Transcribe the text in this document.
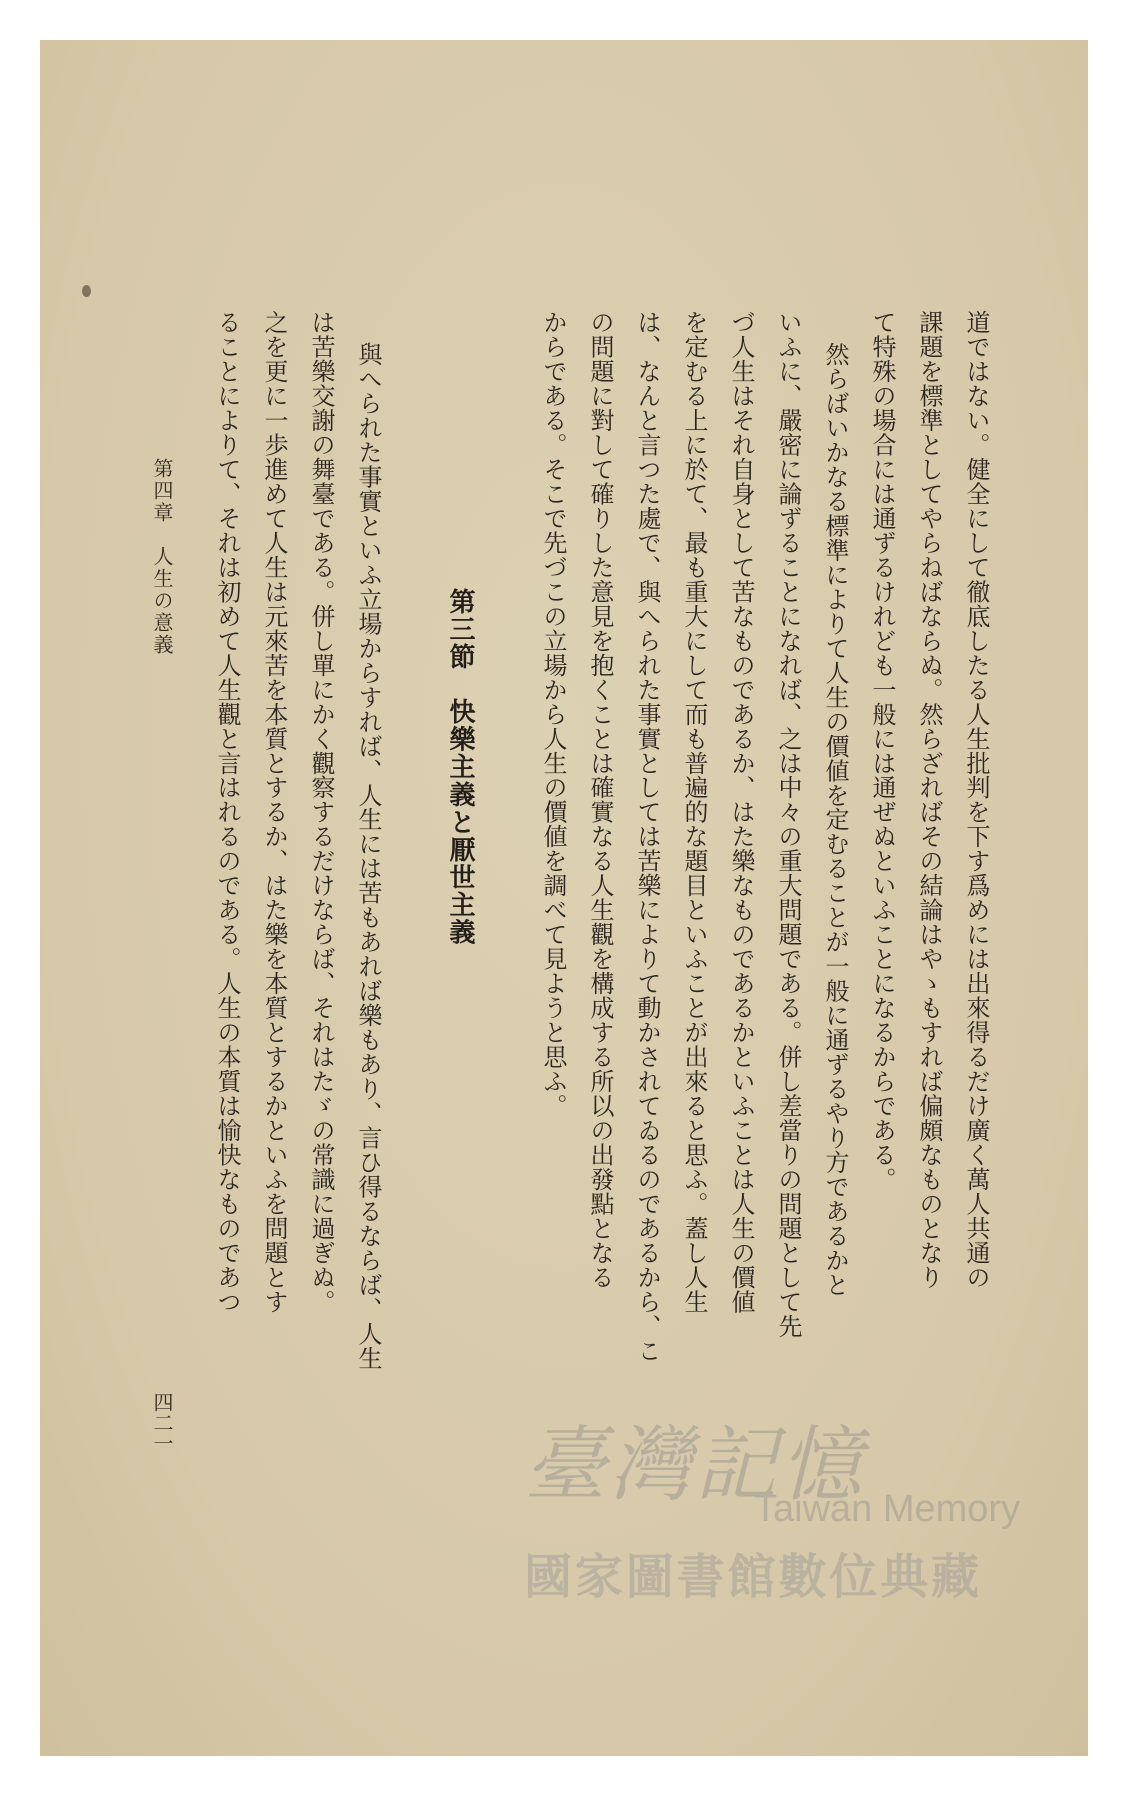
道ではない。健全にして徹底したる人生批判を下す爲めには出來得るだけ廣く萬人共通の
課題を標準としてやらねばならぬ。然らざればその結論はやゝもすれば偏頗なものとなり
て特殊の場合には通ずるけれども一般には通ぜぬといふことになるからである。
然らばいかなる標準によりて人生の價値を定むることが一般に通ずるやり方であるかと
いふに、嚴密に論ずることになれば、之は中々の重大問題である。併し差當りの問題として先
づ人生はそれ自身として苦なものであるか、はた樂なものであるかといふことは人生の價値
を定むる上に於て、最も重大にして而も普遍的な題目といふことが出來ると思ふ。蓋し人生
は、なんと言つた處で、與へられた事實としては苦樂によりて動かされてゐるのであるから、こ
の問題に對して確りした意見を抱くことは確實なる人生觀を構成する所以の出發點となる
からである。そこで先づこの立場から人生の價値を調べて見ようと思ふ。
第三節　快樂主義と厭世主義
與へられた事實といふ立場からすれば、人生には苦もあれば樂もあり、言ひ得るならば、人生
は苦樂交謝の舞臺である。併し單にかく觀察するだけならば、それはたゞの常識に過ぎぬ。
之を更に一歩進めて人生は元來苦を本質とするか、はた樂を本質とするかといふを問題とす
ることによりて、それは初めて人生觀と言はれるのである。人生の本質は愉快なものであつ
第四章　人生の意義
四二一	臺灣記憶
Taiwan Memory
國家圖書館數位典藏
